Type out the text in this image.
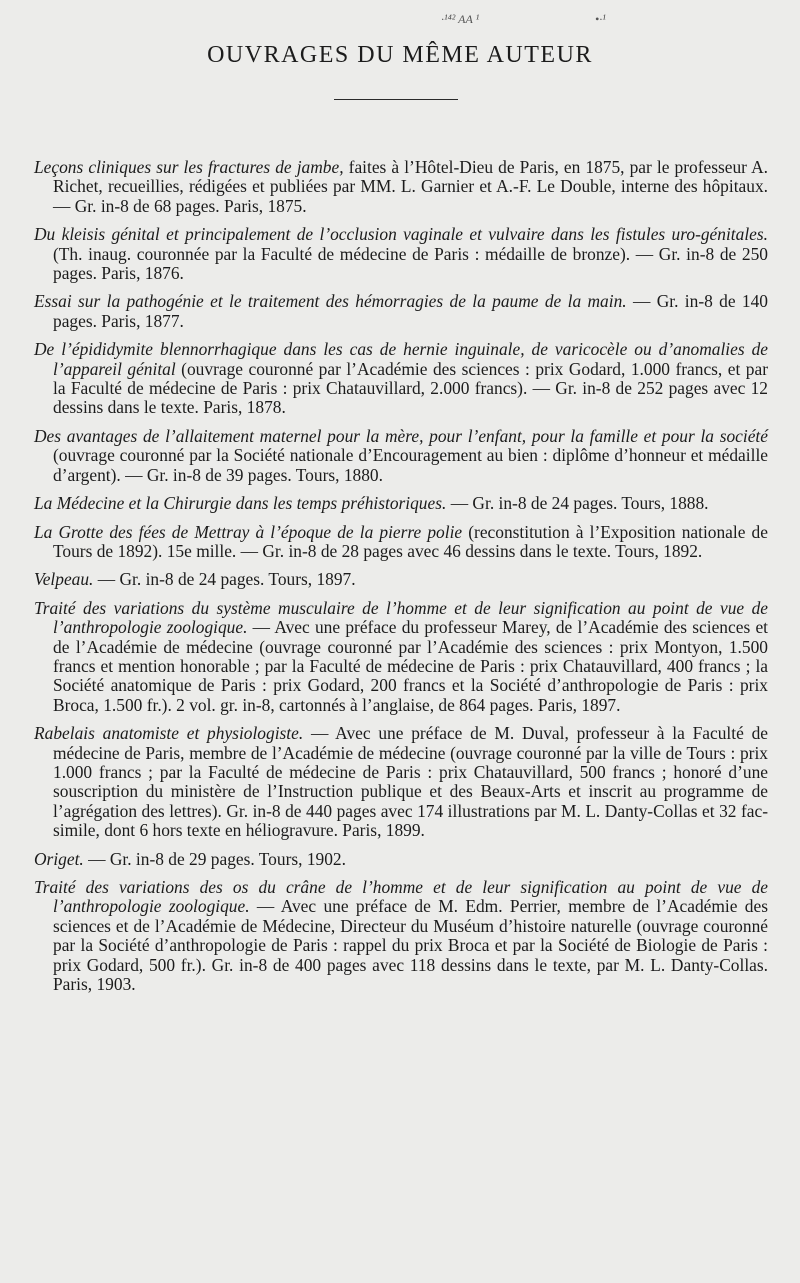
·¹⁴² AA ¹	•·¹
OUVRAGES DU MÊME AUTEUR

Leçons cliniques sur les fractures de jambe, faites à l’Hôtel-Dieu de Paris, en 1875, par le professeur A. Richet, recueillies, rédigées et publiées par MM. L. Garnier et A.-F. Le Double, interne des hôpitaux. — Gr. in-8 de 68 pages. Paris, 1875.

Du kleisis génital et principalement de l’occlusion vaginale et vulvaire dans les fistules uro-génitales. (Th. inaug. couronnée par la Faculté de médecine de Paris : médaille de bronze). — Gr. in-8 de 250 pages. Paris, 1876.

Essai sur la pathogénie et le traitement des hémorragies de la paume de la main. — Gr. in-8 de 140 pages. Paris, 1877.

De l’épididymite blennorrhagique dans les cas de hernie inguinale, de varicocèle ou d’anomalies de l’appareil génital (ouvrage couronné par l’Académie des sciences : prix Godard, 1.000 francs, et par la Faculté de médecine de Paris : prix Chatauvillard, 2.000 francs). — Gr. in-8 de 252 pages avec 12 dessins dans le texte. Paris, 1878.

Des avantages de l’allaitement maternel pour la mère, pour l’enfant, pour la famille et pour la société (ouvrage couronné par la Société nationale d’Encouragement au bien : diplôme d’honneur et médaille d’argent). — Gr. in-8 de 39 pages. Tours, 1880.

La Médecine et la Chirurgie dans les temps préhistoriques. — Gr. in-8 de 24 pages. Tours, 1888.

La Grotte des fées de Mettray à l’époque de la pierre polie (reconstitution à l’Exposition nationale de Tours de 1892). 15e mille. — Gr. in-8 de 28 pages avec 46 dessins dans le texte. Tours, 1892.

Velpeau. — Gr. in-8 de 24 pages. Tours, 1897.

Traité des variations du système musculaire de l’homme et de leur signification au point de vue de l’anthropologie zoologique. — Avec une préface du professeur Marey, de l’Académie des sciences et de l’Académie de médecine (ouvrage couronné par l’Académie des sciences : prix Montyon, 1.500 francs et mention honorable ; par la Faculté de médecine de Paris : prix Chatauvillard, 400 francs ; la Société anatomique de Paris : prix Godard, 200 francs et la Société d’anthropologie de Paris : prix Broca, 1.500 fr.). 2 vol. gr. in-8, cartonnés à l’anglaise, de 864 pages. Paris, 1897.

Rabelais anatomiste et physiologiste. — Avec une préface de M. Duval, professeur à la Faculté de médecine de Paris, membre de l’Académie de médecine (ouvrage couronné par la ville de Tours : prix 1.000 francs ; par la Faculté de médecine de Paris : prix Chatauvillard, 500 francs ; honoré d’une souscription du ministère de l’Instruction publique et des Beaux-Arts et inscrit au programme de l’agrégation des lettres). Gr. in-8 de 440 pages avec 174 illustrations par M. L. Danty-Collas et 32 fac-simile, dont 6 hors texte en héliogravure. Paris, 1899.

Origet. — Gr. in-8 de 29 pages. Tours, 1902.

Traité des variations des os du crâne de l’homme et de leur signification au point de vue de l’anthropologie zoologique. — Avec une préface de M. Edm. Perrier, membre de l’Académie des sciences et de l’Académie de Médecine, Directeur du Muséum d’histoire naturelle (ouvrage couronné par la Société d’anthropologie de Paris : rappel du prix Broca et par la Société de Biologie de Paris : prix Godard, 500 fr.). Gr. in-8 de 400 pages avec 118 dessins dans le texte, par M. L. Danty-Collas. Paris, 1903.
